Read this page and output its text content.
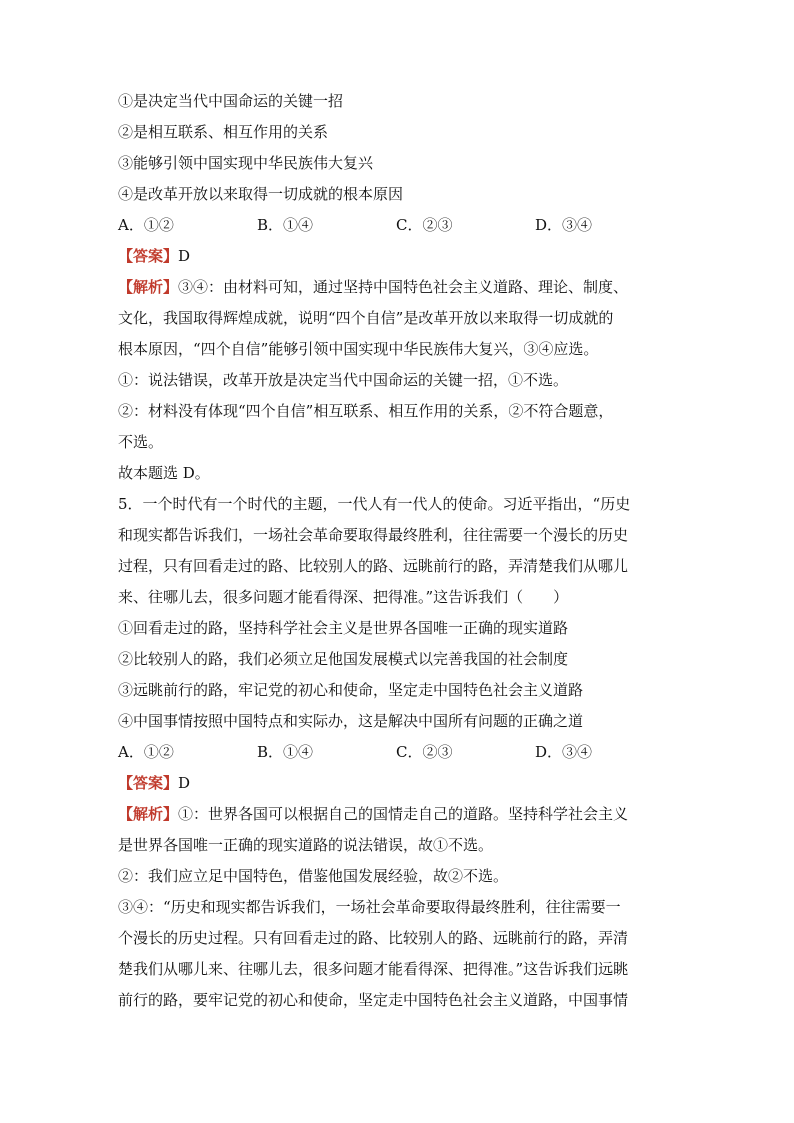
①是决定当代中国命运的关键一招
②是相互联系、相互作用的关系
③能够引领中国实现中华民族伟大复兴
④是改革开放以来取得一切成就的根本原因
A．①②	B．①④	C．②③	D．③④
【答案】D
【解析】③④：由材料可知，通过坚持中国特色社会主义道路、理论、制度、
文化，我国取得辉煌成就，说明“四个自信”是改革开放以来取得一切成就的
根本原因，“四个自信”能够引领中国实现中华民族伟大复兴，③④应选。
①：说法错误，改革开放是决定当代中国命运的关键一招，①不选。
②：材料没有体现“四个自信”相互联系、相互作用的关系，②不符合题意，
不选。
故本题选 D。
5．一个时代有一个时代的主题，一代人有一代人的使命。习近平指出，“历史
和现实都告诉我们，一场社会革命要取得最终胜利，往往需要一个漫长的历史
过程，只有回看走过的路、比较别人的路、远眺前行的路，弄清楚我们从哪儿
来、往哪儿去，很多问题才能看得深、把得准。”这告诉我们（　　）
①回看走过的路，坚持科学社会主义是世界各国唯一正确的现实道路
②比较别人的路，我们必须立足他国发展模式以完善我国的社会制度
③远眺前行的路，牢记党的初心和使命，坚定走中国特色社会主义道路
④中国事情按照中国特点和实际办，这是解决中国所有问题的正确之道
A．①②	B．①④	C．②③	D．③④
【答案】D
【解析】①：世界各国可以根据自己的国情走自己的道路。坚持科学社会主义
是世界各国唯一正确的现实道路的说法错误，故①不选。
②：我们应立足中国特色，借鉴他国发展经验，故②不选。
③④：“历史和现实都告诉我们，一场社会革命要取得最终胜利，往往需要一
个漫长的历史过程。只有回看走过的路、比较别人的路、远眺前行的路，弄清
楚我们从哪儿来、往哪儿去，很多问题才能看得深、把得准。”这告诉我们远眺
前行的路，要牢记党的初心和使命，坚定走中国特色社会主义道路，中国事情
